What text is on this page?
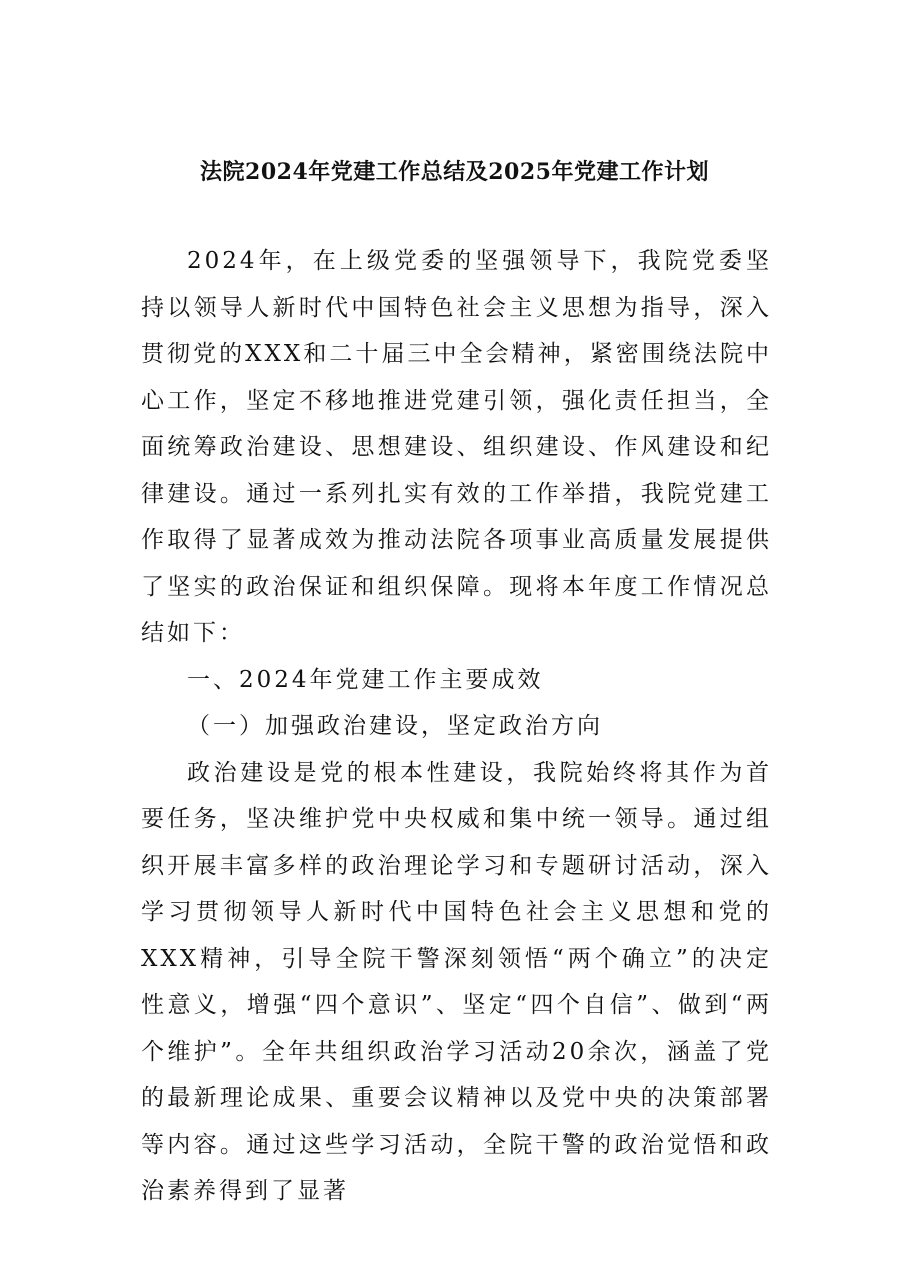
法院2024年党建工作总结及2025年党建工作计划

2024年，在上级党委的坚强领导下，我院党委坚持以领导人新时代中国特色社会主义思想为指导，深入贯彻党的XXX和二十届三中全会精神，紧密围绕法院中心工作，坚定不移地推进党建引领，强化责任担当，全面统筹政治建设、思想建设、组织建设、作风建设和纪律建设。通过一系列扎实有效的工作举措，我院党建工作取得了显著成效为推动法院各项事业高质量发展提供了坚实的政治保证和组织保障。现将本年度工作情况总结如下：

一、2024年党建工作主要成效

（一）加强政治建设，坚定政治方向

政治建设是党的根本性建设，我院始终将其作为首要任务，坚决维护党中央权威和集中统一领导。通过组织开展丰富多样的政治理论学习和专题研讨活动，深入学习贯彻领导人新时代中国特色社会主义思想和党的XXX精神，引导全院干警深刻领悟“两个确立”的决定性意义，增强“四个意识”、坚定“四个自信”、做到“两个维护”。全年共组织政治学习活动20余次，涵盖了党的最新理论成果、重要会议精神以及党中央的决策部署等内容。通过这些学习活动，全院干警的政治觉悟和政治素养得到了显著
